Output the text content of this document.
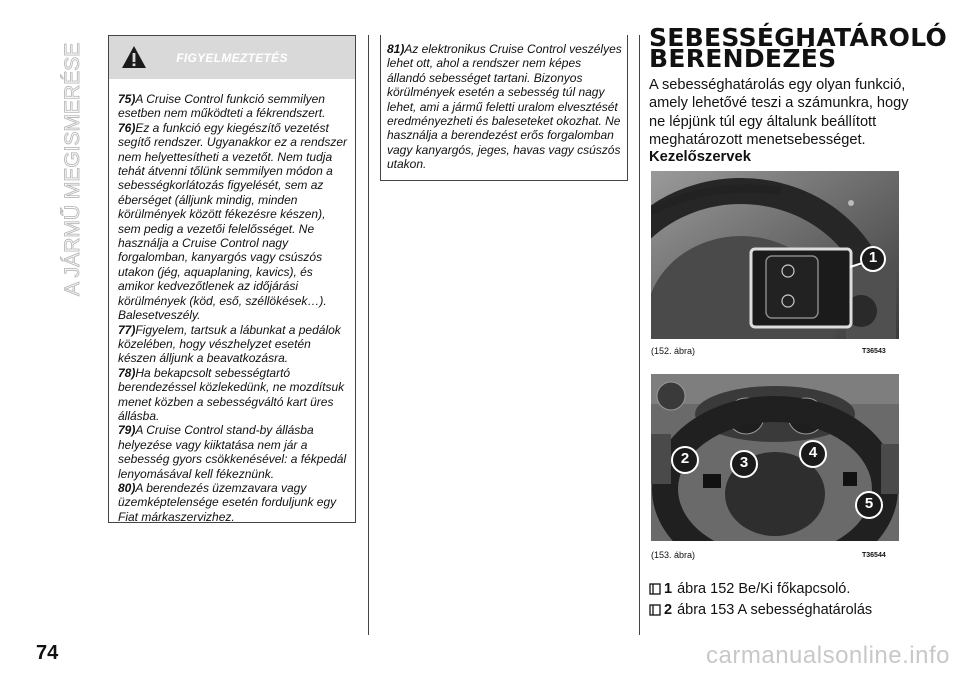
A JÁRMŰ MEGISMERÉSE
74
FIGYELMEZTETÉS

75)A Cruise Control funkció semmilyen esetben nem működteti a fékrendszert.

76)Ez a funkció egy kiegészítő vezetést segítő rendszer. Ugyanakkor ez a rendszer nem helyettesítheti a vezetőt. Nem tudja tehát átvenni tőlünk semmilyen módon a sebességkorlátozás figyelését, sem az éberséget (álljunk mindig, minden körülmények között fékezésre készen), sem pedig a vezetői felelősséget. Ne használja a Cruise Control nagy forgalomban, kanyargós vagy csúszós utakon (jég, aquaplaning, kavics), és amikor kedvezőtlenek az időjárási körülmények (köd, eső, széllökések…). Balesetveszély.

77)Figyelem, tartsuk a lábunkat a pedálok közelében, hogy vészhelyzet esetén készen álljunk a beavatkozásra.

78)Ha bekapcsolt sebességtartó berendezéssel közlekedünk, ne mozdítsuk menet közben a sebességváltó kart üres állásba.

79)A Cruise Control stand-by állásba helyezése vagy kiiktatása nem jár a sebesség gyors csökkenésével: a fékpedál lenyomásával kell fékeznünk.

80)A berendezés üzemzavara vagy üzemképtelensége esetén forduljunk egy Fiat márkaszervizhez.

81)Az elektronikus Cruise Control veszélyes lehet ott, ahol a rendszer nem képes állandó sebességet tartani. Bizonyos körülmények esetén a sebesség túl nagy lehet, ami a jármű feletti uralom elvesztését eredményezheti és baleseteket okozhat. Ne használja a berendezést erős forgalomban vagy kanyargós, jeges, havas vagy csúszós utakon.

SEBESSÉGHATÁROLÓ
BERENDEZÉS
A sebességhatárolás egy olyan funkció, amely lehetővé teszi a számunkra, hogy ne lépjünk túl egy általunk beállított meghatározott menetsebességet.
Kezelőszervek
1
(152. ábra)	T36543
2	3
4
5
(153. ábra)	T36544
1 ábra 152 Be/Ki főkapcsoló.
2 ábra 153 A sebességhatárolás
carmanualsonline.info
